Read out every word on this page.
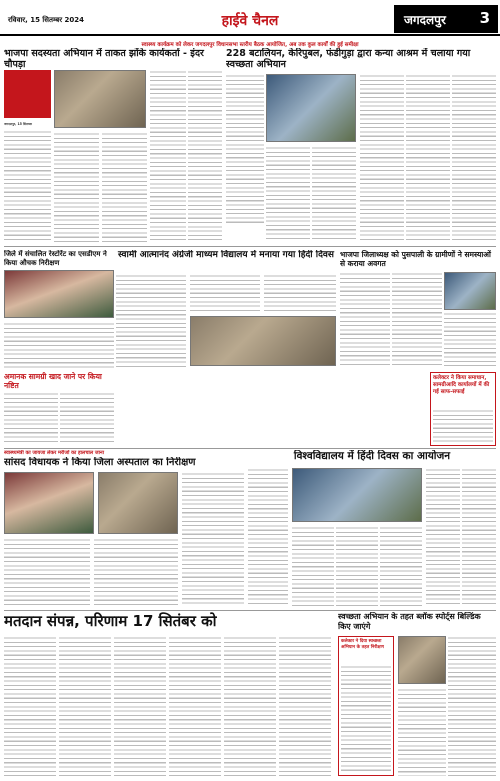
रविवार, 15 सितम्बर 2024	हाईवे चैनल	जगदलपुर 3
स्वास्थ्य कार्यक्रम को लेकर जगदलपुर विधानसभा स्तरीय बैठक आयोजित, अब तक कुल कार्यों की हुई समीक्षा
भाजपा सदस्यता अभियान में ताकत झोंके कार्यकर्ता - इंदर चौपड़ा
जगदलपुर, 15 सितम्बर
228 बटालियन, केरिपुबल, फंडीगुड़ा द्वारा कन्या आश्रम में चलाया गया स्वच्छता अभियान
जिले में संचालित रेस्टोरेंट का एसडीएम ने किया औचक निरीक्षण
स्वामी आत्मानंद अंग्रेजी माध्यम विद्यालय में मनाया गया हिंदी दिवस भाजपा जिलाध्यक्ष को पुसपाली के ग्रामीणों ने समस्याओं से कराया अवगत
अमानक सामग्री खाद जाने पर किया नष्टित
कलेक्टर ने किया समाधान, सामग्रीआदि कार्यालयों में की गई साफ-सफाई
स्वास्थ्यमंत्री का जायजा लेकर मरीजों का हालचाल जाना
सांसद विधायक ने किया जिला अस्पताल का निरीक्षण
विश्वविद्यालय में हिंदी दिवस का आयोजन
मतदान संपन्न, परिणाम 17 सितंबर को	स्वच्छता अभियान के तहत ब्लॉक स्पोर्ट्स बिल्डिंक किए जाएंगे
कलेक्टर ने दिया स्वच्छता अभियान के तहत निरीक्षण
